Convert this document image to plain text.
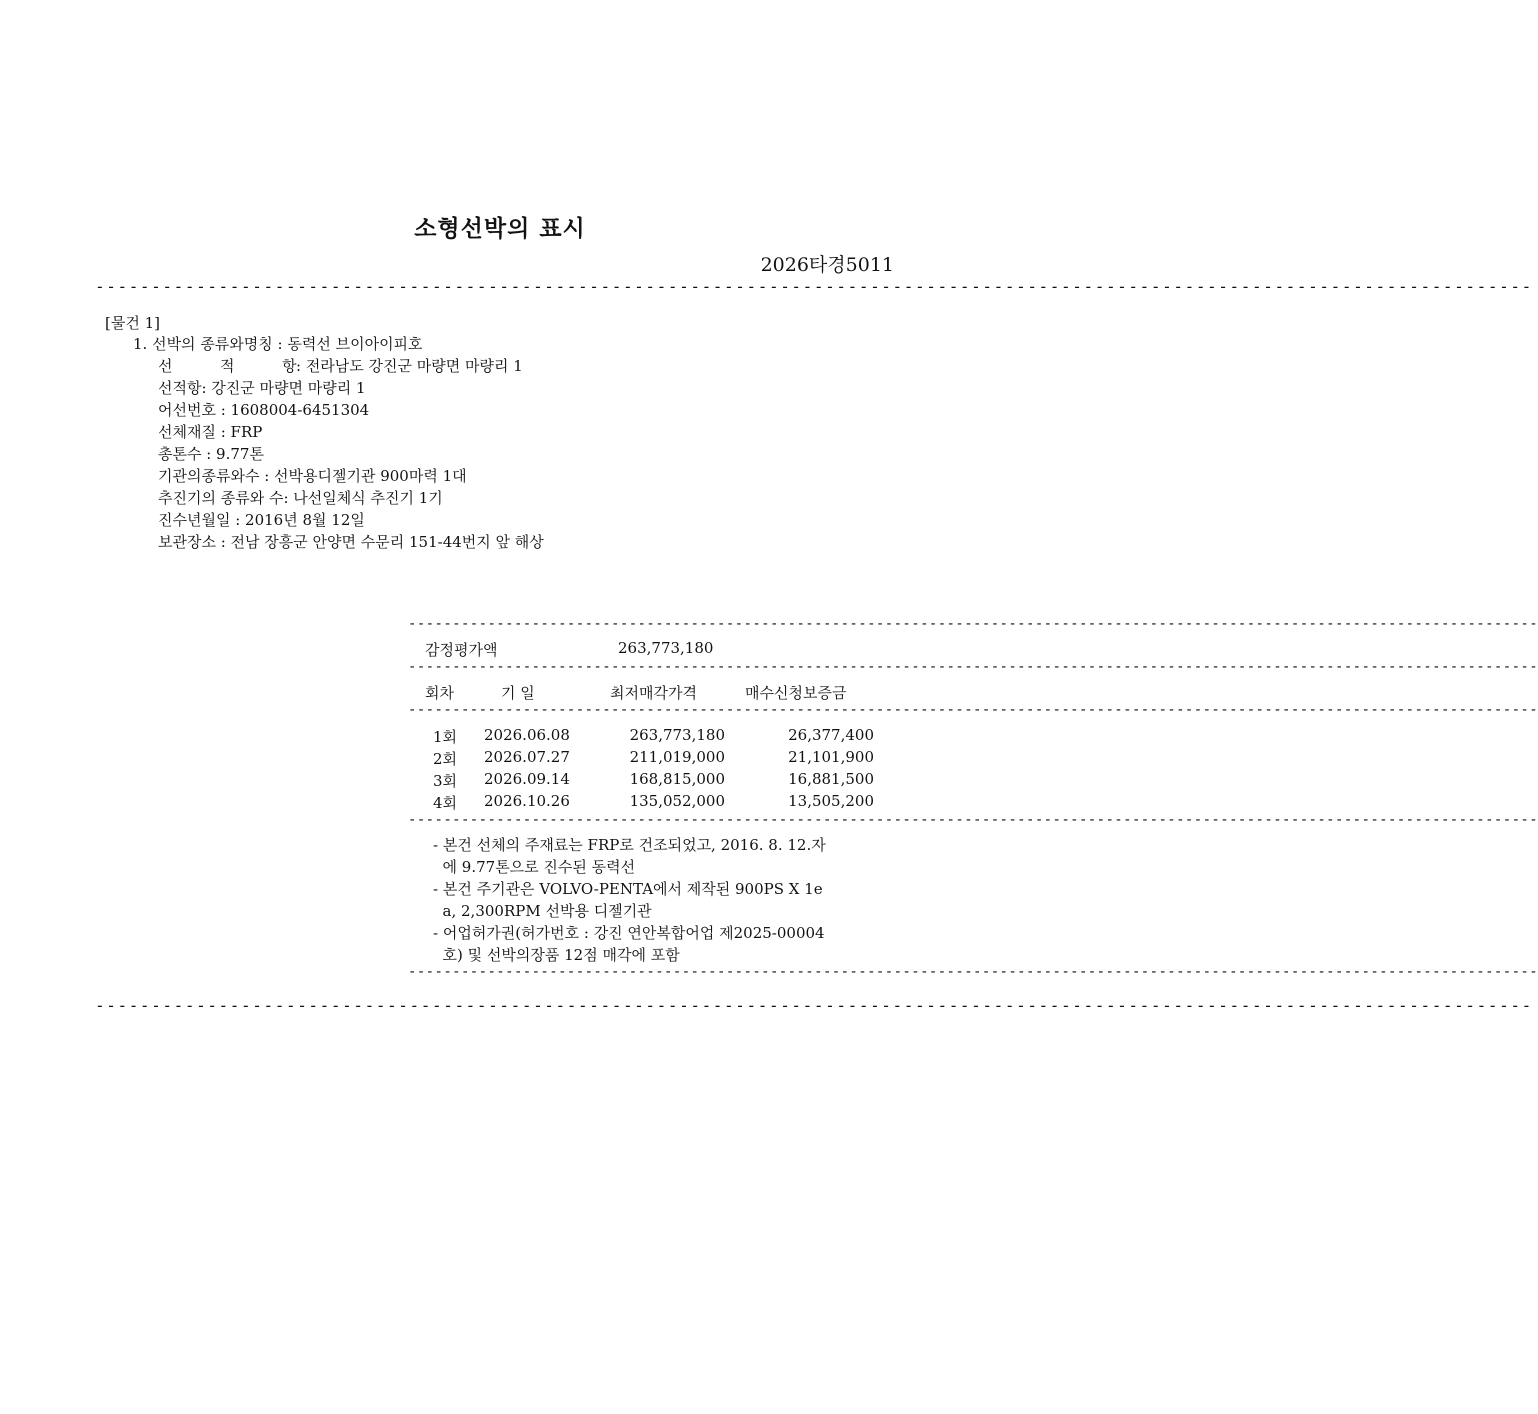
소형선박의 표시
2026타경5011
--------------------------------------------------------------------------------------------------------------------------------
[물건 1]
1. 선박의 종류와명칭 : 동력선 브이아이피호
선	적	항: 전라남도 강진군 마량면 마량리 1
선적항: 강진군 마량면 마량리 1
어선번호 : 1608004-6451304
선체재질 : FRP
총톤수 : 9.77톤
기관의종류와수 : 선박용디젤기관 900마력 1대
추진기의 종류와 수: 나선일체식 추진기 1기
진수년월일 : 2016년 8월 12일
보관장소 : 전남 장흥군 안양면 수문리 151-44번지 앞 해상
--------------------------------------------------------------------------------------------------------------------------------
감정평가액	263,773,180
--------------------------------------------------------------------------------------------------------------------------------
회차	기 일	최저매각가격	매수신청보증금
--------------------------------------------------------------------------------------------------------------------------------
1회 2026.06.08	263,773,180	26,377,400
2회 2026.07.27	211,019,000	21,101,900
3회 2026.09.14	168,815,000	16,881,500
4회 2026.10.26	135,052,000	13,505,200
--------------------------------------------------------------------------------------------------------------------------------
- 본건 선체의 주재료는 FRP로 건조되었고, 2016. 8. 12.자
에 9.77톤으로 진수된 동력선
- 본건 주기관은 VOLVO-PENTA에서 제작된 900PS X 1e
a, 2,300RPM 선박용 디젤기관
- 어업허가권(허가번호 : 강진 연안복합어업 제2025-00004
호) 및 선박의장품 12점 매각에 포함
--------------------------------------------------------------------------------------------------------------------------------
--------------------------------------------------------------------------------------------------------------------------------
